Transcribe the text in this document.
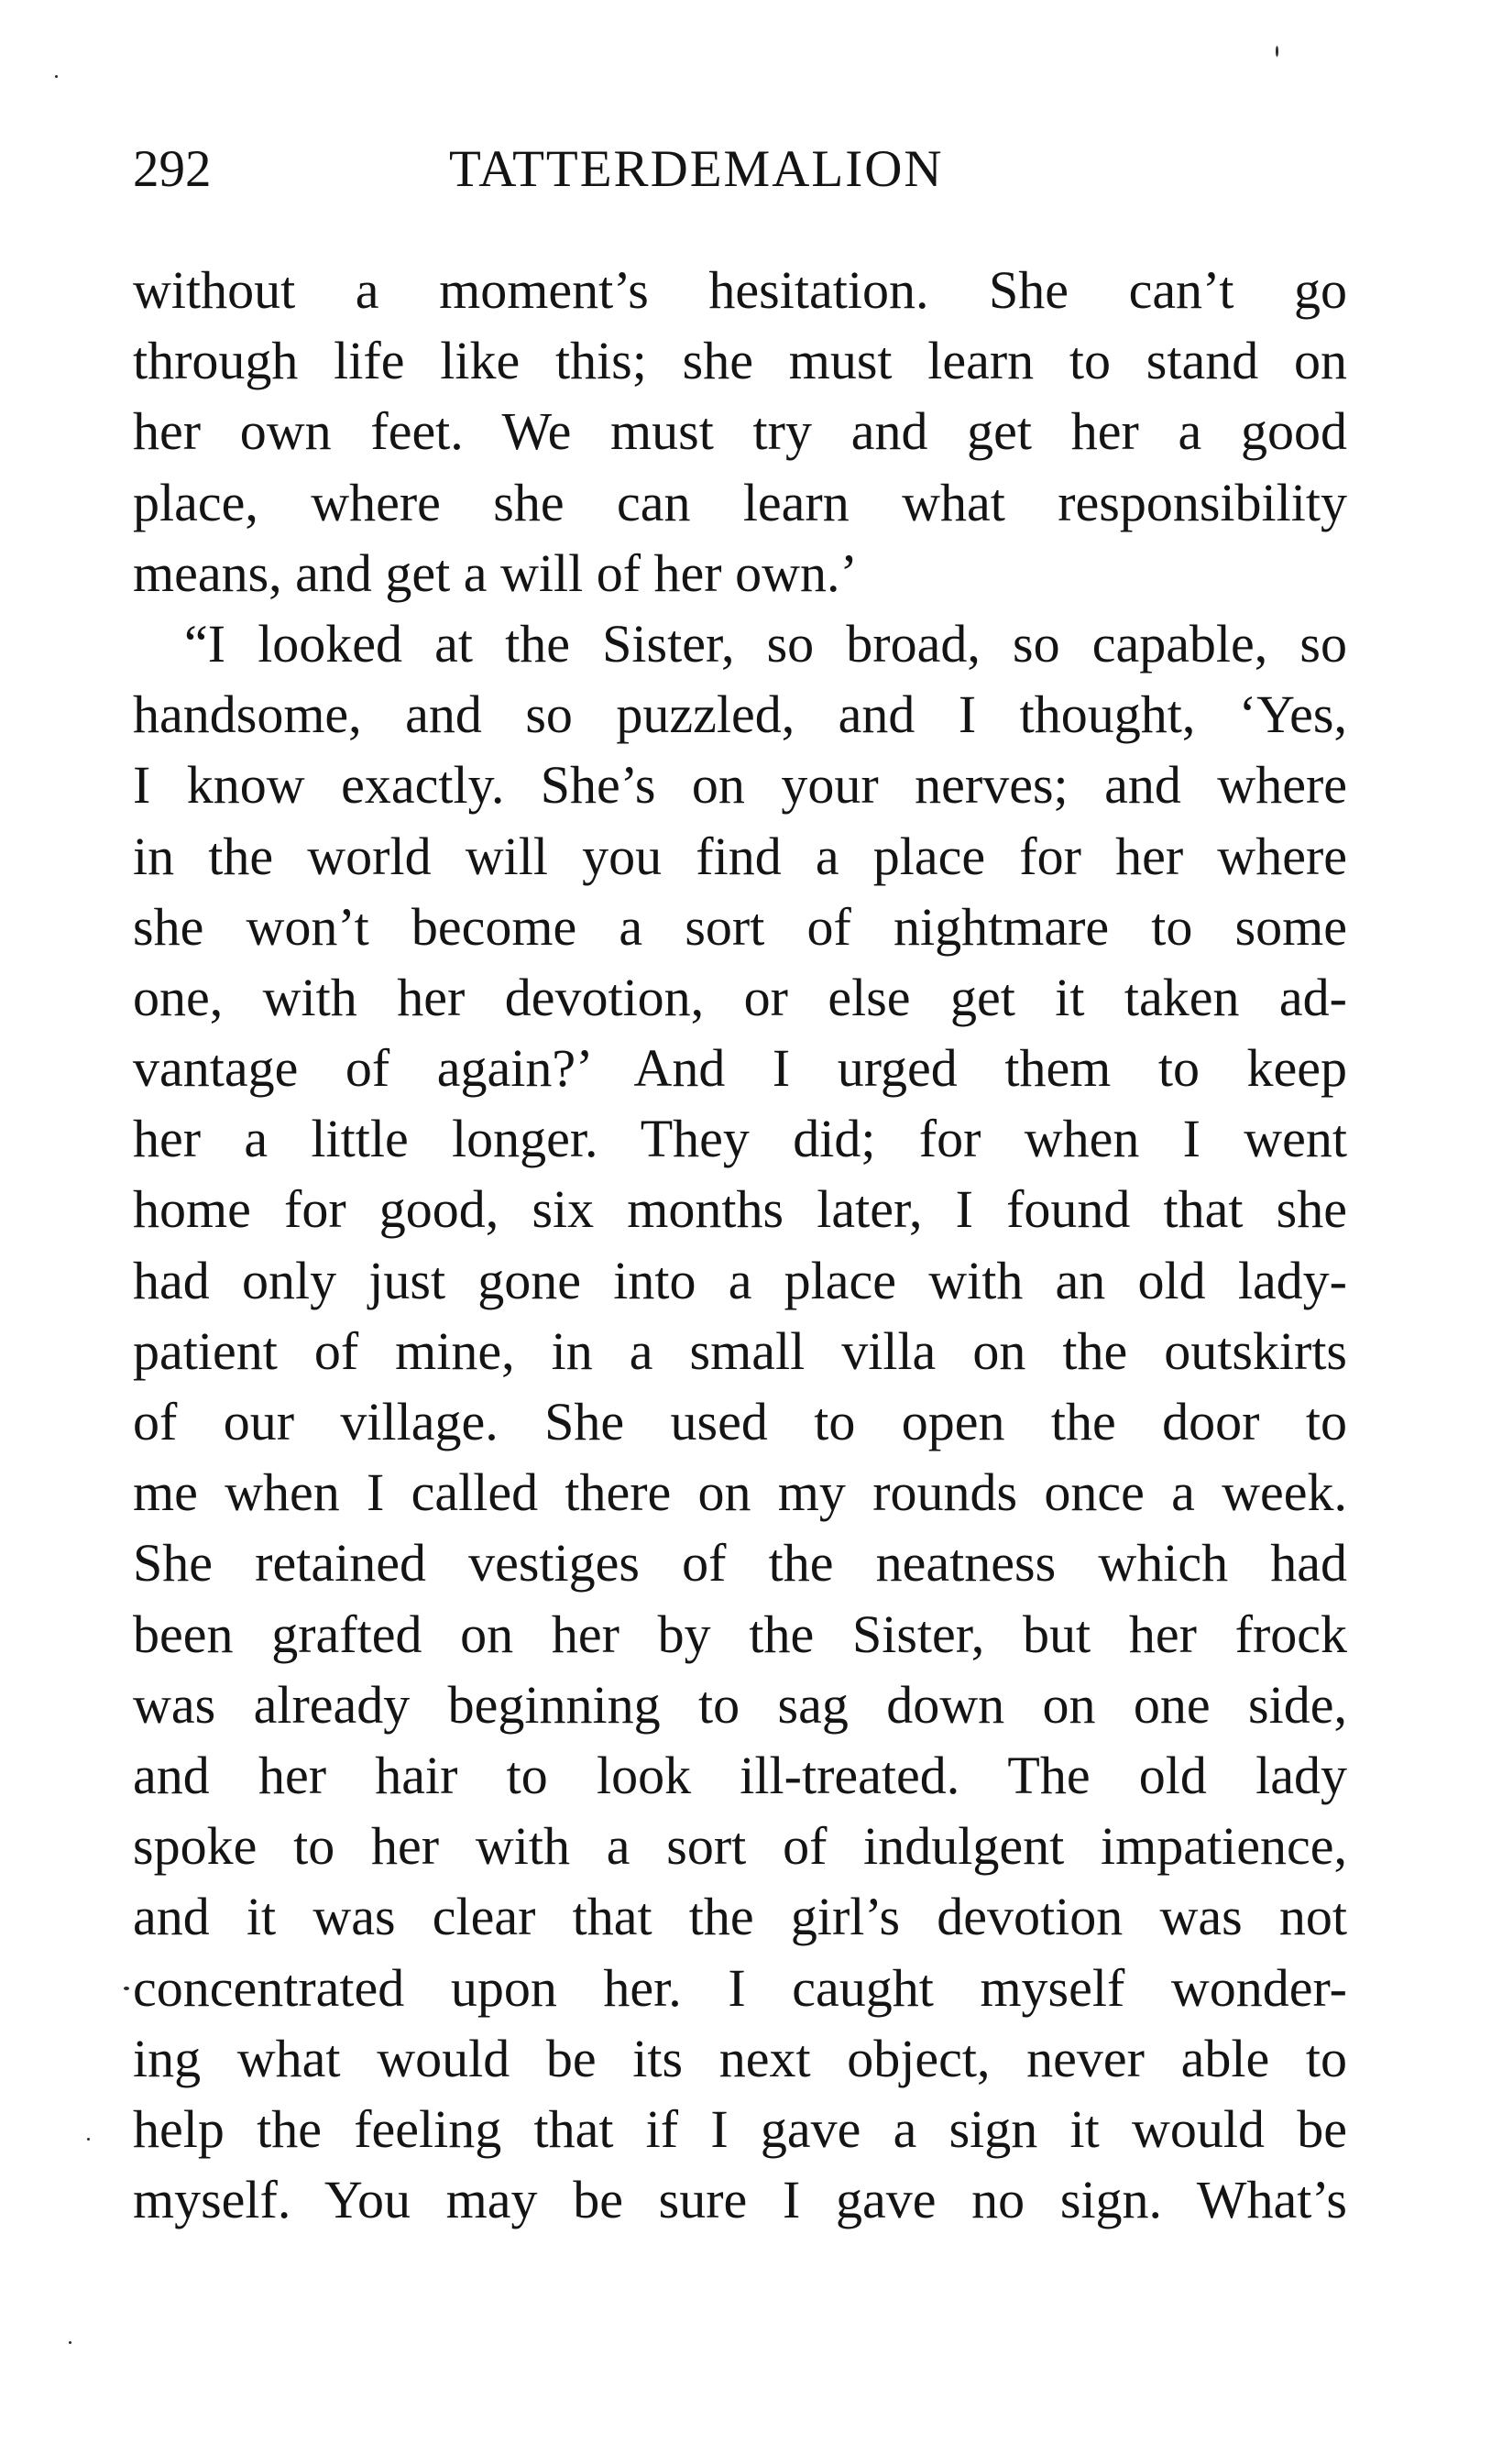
292	TATTERDEMALION
without a moment’s hesitation. She can’t go
through life like this; she must learn to stand on
her own feet. We must try and get her a good
place, where she can learn what responsibility
means, and get a will of her own.’
“I looked at the Sister, so broad, so capable, so
handsome, and so puzzled, and I thought, ‘Yes,
I know exactly. She’s on your nerves; and where
in the world will you find a place for her where
she won’t become a sort of nightmare to some
one, with her devotion, or else get it taken ad-
vantage of again?’ And I urged them to keep
her a little longer. They did; for when I went
home for good, six months later, I found that she
had only just gone into a place with an old lady-
patient of mine, in a small villa on the outskirts
of our village. She used to open the door to
me when I called there on my rounds once a week.
She retained vestiges of the neatness which had
been grafted on her by the Sister, but her frock
was already beginning to sag down on one side,
and her hair to look ill-treated. The old lady
spoke to her with a sort of indulgent impatience,
and it was clear that the girl’s devotion was not
concentrated upon her. I caught myself wonder-
ing what would be its next object, never able to
help the feeling that if I gave a sign it would be
myself. You may be sure I gave no sign. What’s
